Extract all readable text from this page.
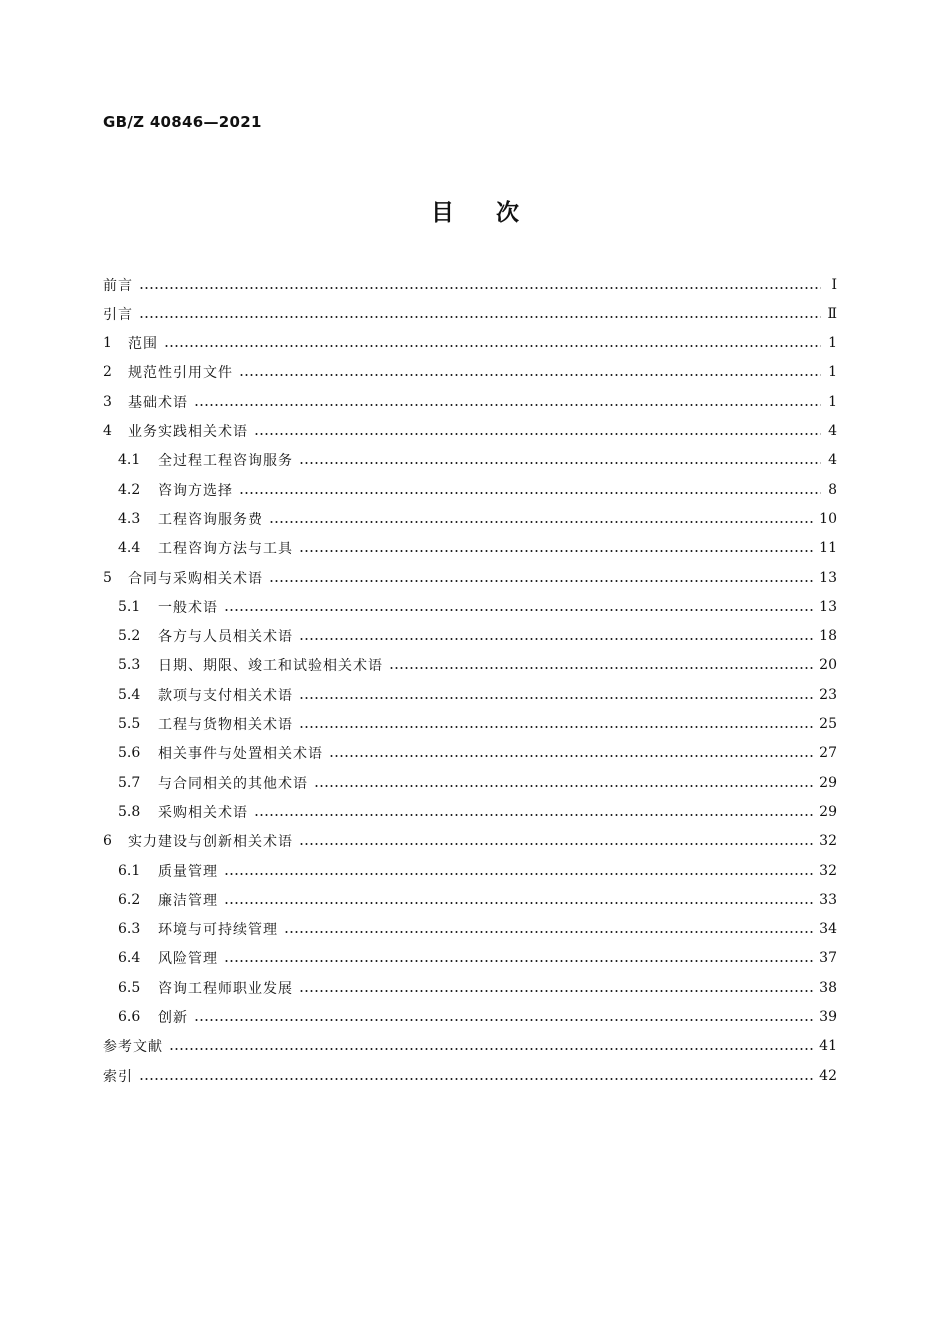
GB/Z 40846—2021
目次
前言	Ⅰ
引言	Ⅱ
1	范围	1
2	规范性引用文件	1
3	基础术语	1
4	业务实践相关术语	4
4.1	全过程工程咨询服务	4
4.2	咨询方选择	8
4.3	工程咨询服务费	10
4.4	工程咨询方法与工具	11
5	合同与采购相关术语	13
5.1	一般术语	13
5.2	各方与人员相关术语	18
5.3	日期、期限、竣工和试验相关术语	20
5.4	款项与支付相关术语	23
5.5	工程与货物相关术语	25
5.6	相关事件与处置相关术语	27
5.7	与合同相关的其他术语	29
5.8	采购相关术语	29
6	实力建设与创新相关术语	32
6.1	质量管理	32
6.2	廉洁管理	33
6.3	环境与可持续管理	34
6.4	风险管理	37
6.5	咨询工程师职业发展	38
6.6	创新	39
参考文献	41
索引	42
